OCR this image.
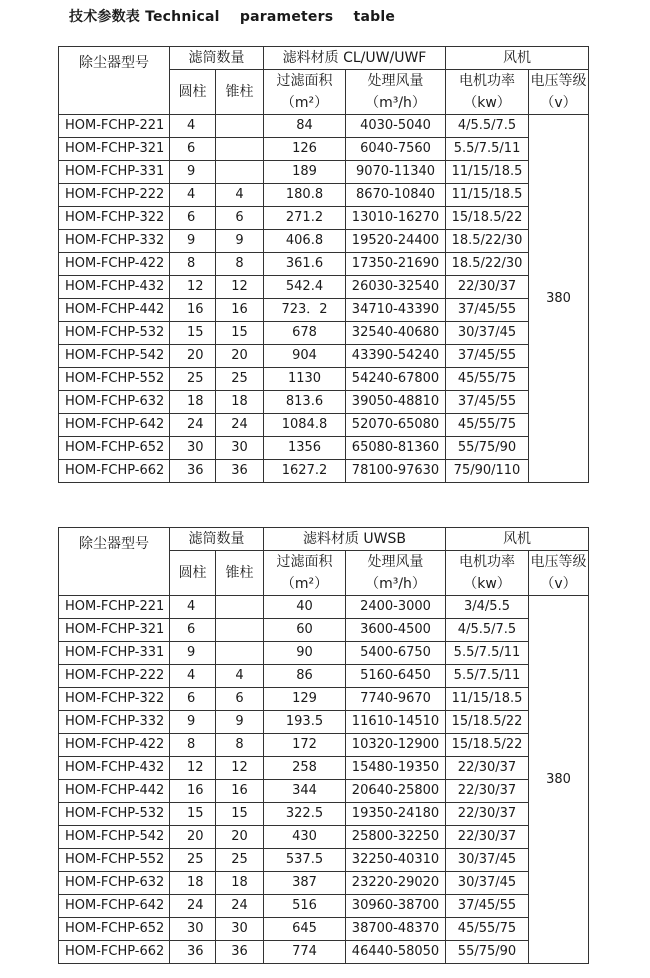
技术参数表 Technical    parameters    table
除尘器型号	滤筒数量		滤料材质 CL/UW/UWF		风机	
	圆柱	锥柱	过滤面积	处理风量	电机功率	电压等级
			（m²）	（m³/h）	（kw）	（v）
HOM-FCHP-221	4		84	4030-5040	4/5.5/7.5	380
HOM-FCHP-321	6		126	6040-7560	5.5/7.5/11	
HOM-FCHP-331	9		189	9070-11340	11/15/18.5	
HOM-FCHP-222	4	4	180.8	8670-10840	11/15/18.5	
HOM-FCHP-322	6	6	271.2	13010-16270	15/18.5/22	
HOM-FCHP-332	9	9	406.8	19520-24400	18.5/22/30	
HOM-FCHP-422	8	8	361.6	17350-21690	18.5/22/30	
HOM-FCHP-432	12	12	542.4	26030-32540	22/30/37	
HOM-FCHP-442	16	16	723．2	34710-43390	37/45/55	
HOM-FCHP-532	15	15	678	32540-40680	30/37/45	
HOM-FCHP-542	20	20	904	43390-54240	37/45/55	
HOM-FCHP-552	25	25	1130	54240-67800	45/55/75	
HOM-FCHP-632	18	18	813.6	39050-48810	37/45/55	
HOM-FCHP-642	24	24	1084.8	52070-65080	45/55/75	
HOM-FCHP-652	30	30	1356	65080-81360	55/75/90	
HOM-FCHP-662	36	36	1627.2	78100-97630	75/90/110	
除尘器型号	滤筒数量		滤料材质 UWSB		风机	
	圆柱	锥柱	过滤面积	处理风量	电机功率	电压等级
			（m²）	（m³/h）	（kw）	（v）
HOM-FCHP-221	4		40	2400-3000	3/4/5.5	380
HOM-FCHP-321	6		60	3600-4500	4/5.5/7.5	
HOM-FCHP-331	9		90	5400-6750	5.5/7.5/11	
HOM-FCHP-222	4	4	86	5160-6450	5.5/7.5/11	
HOM-FCHP-322	6	6	129	7740-9670	11/15/18.5	
HOM-FCHP-332	9	9	193.5	11610-14510	15/18.5/22	
HOM-FCHP-422	8	8	172	10320-12900	15/18.5/22	
HOM-FCHP-432	12	12	258	15480-19350	22/30/37	
HOM-FCHP-442	16	16	344	20640-25800	22/30/37	
HOM-FCHP-532	15	15	322.5	19350-24180	22/30/37	
HOM-FCHP-542	20	20	430	25800-32250	22/30/37	
HOM-FCHP-552	25	25	537.5	32250-40310	30/37/45	
HOM-FCHP-632	18	18	387	23220-29020	30/37/45	
HOM-FCHP-642	24	24	516	30960-38700	37/45/55	
HOM-FCHP-652	30	30	645	38700-48370	45/55/75	
HOM-FCHP-662	36	36	774	46440-58050	55/75/90	
